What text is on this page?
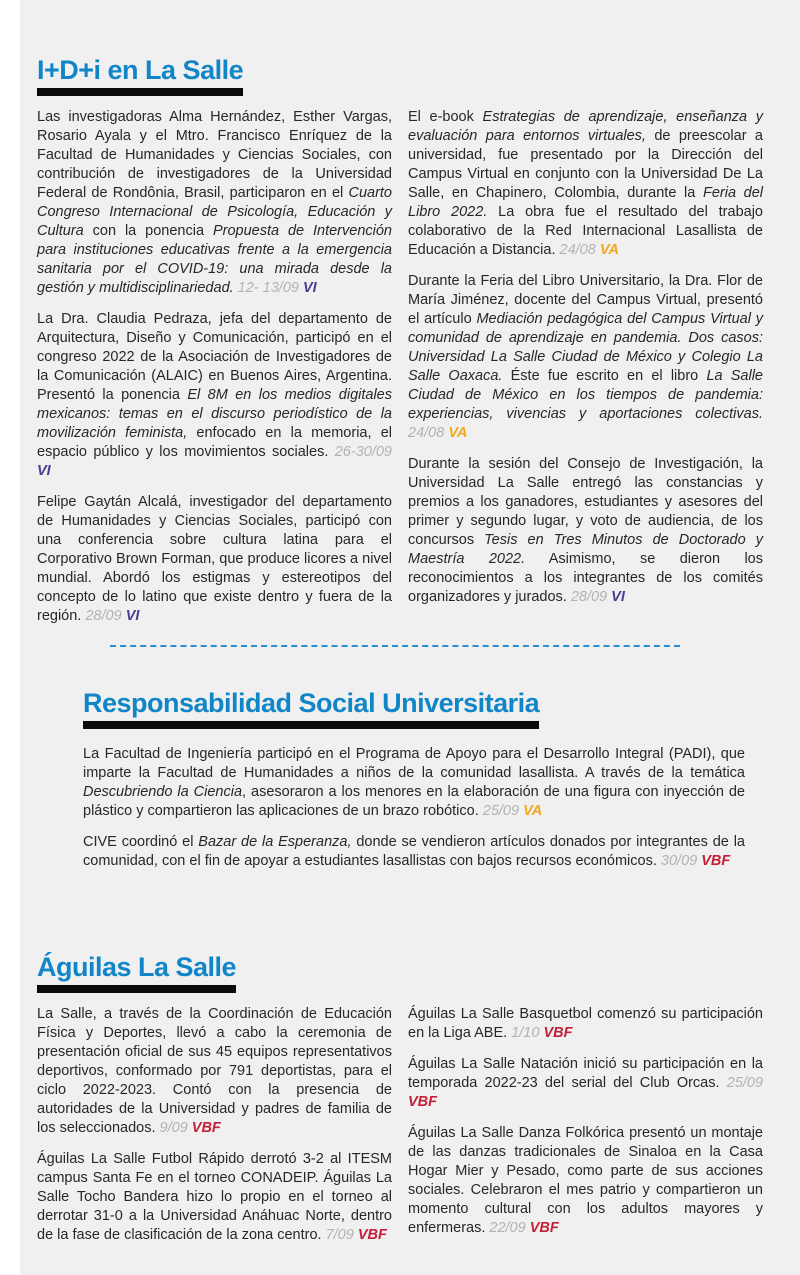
I+D+i en La Salle

Las investigadoras Alma Hernández, Esther Vargas, Rosario Ayala y el Mtro. Francisco Enríquez de la Facultad de Humanidades y Ciencias Sociales, con contribución de investigadores de la Universidad Federal de Rondônia, Brasil, participaron en el Cuarto Congreso Internacional de Psicología, Educación y Cultura con la ponencia Propuesta de Intervención para instituciones educativas frente a la emergencia sanitaria por el COVID-19: una mirada desde la gestión y multidisciplinariedad. 12- 13/09 VI

La Dra. Claudia Pedraza, jefa del departamento de Arquitectura, Diseño y Comunicación, participó en el congreso 2022 de la Asociación de Investigadores de la Comunicación (ALAIC) en Buenos Aires, Argentina. Presentó la ponencia El 8M en los medios digitales mexicanos: temas en el discurso periodístico de la movilización feminista, enfocado en la memoria, el espacio público y los movimientos sociales. 26-30/09 VI

Felipe Gaytán Alcalá, investigador del departamento de Humanidades y Ciencias Sociales, participó con una conferencia sobre cultura latina para el Corporativo Brown Forman, que produce licores a nivel mundial. Abordó los estigmas y estereotipos del concepto de lo latino que existe dentro y fuera de la región. 28/09 VI

El e-book Estrategias de aprendizaje, enseñanza y evaluación para entornos virtuales, de preescolar a universidad, fue presentado por la Dirección del Campus Virtual en conjunto con la Universidad De La Salle, en Chapinero, Colombia, durante la Feria del Libro 2022. La obra fue el resultado del trabajo colaborativo de la Red Internacional Lasallista de Educación a Distancia. 24/08 VA

Durante la Feria del Libro Universitario, la Dra. Flor de María Jiménez, docente del Campus Virtual, presentó el artículo Mediación pedagógica del Campus Virtual y comunidad de aprendizaje en pandemia. Dos casos: Universidad La Salle Ciudad de México y Colegio La Salle Oaxaca. Éste fue escrito en el libro La Salle Ciudad de México en los tiempos de pandemia: experiencias, vivencias y aportaciones colectivas. 24/08 VA

Durante la sesión del Consejo de Investigación, la Universidad La Salle entregó las constancias y premios a los ganadores, estudiantes y asesores del primer y segundo lugar, y voto de audiencia, de los concursos Tesis en Tres Minutos de Doctorado y Maestría 2022. Asimismo, se dieron los reconocimientos a los integrantes de los comités organizadores y jurados. 28/09 VI

Responsabilidad Social Universitaria

La Facultad de Ingeniería participó en el Programa de Apoyo para el Desarrollo Integral (PADI), que imparte la Facultad de Humanidades a niños de la comunidad lasallista. A través de la temática Descubriendo la Ciencia, asesoraron a los menores en la elaboración de una figura con inyección de plástico y compartieron las aplicaciones de un brazo robótico. 25/09 VA

CIVE coordinó el Bazar de la Esperanza, donde se vendieron artículos donados por integrantes de la comunidad, con el fin de apoyar a estudiantes lasallistas con bajos recursos económicos. 30/09 VBF

Águilas La Salle

La Salle, a través de la Coordinación de Educación Física y Deportes, llevó a cabo la ceremonia de presentación oficial de sus 45 equipos representativos deportivos, conformado por 791 deportistas, para el ciclo 2022-2023. Contó con la presencia de autoridades de la Universidad y padres de familia de los seleccionados. 9/09 VBF

Águilas La Salle Futbol Rápido derrotó 3-2 al ITESM campus Santa Fe en el torneo CONADEIP. Águilas La Salle Tocho Bandera hizo lo propio en el torneo al derrotar 31-0 a la Universidad Anáhuac Norte, dentro de la fase de clasificación de la zona centro. 7/09 VBF

Águilas La Salle Basquetbol comenzó su participación en la Liga ABE. 1/10 VBF

Águilas La Salle Natación inició su participación en la temporada 2022-23 del serial del Club Orcas. 25/09 VBF

Águilas La Salle Danza Folkórica presentó un montaje de las danzas tradicionales de Sinaloa en la Casa Hogar Mier y Pesado, como parte de sus acciones sociales. Celebraron el mes patrio y compartieron un momento cultural con los adultos mayores y enfermeras. 22/09 VBF
